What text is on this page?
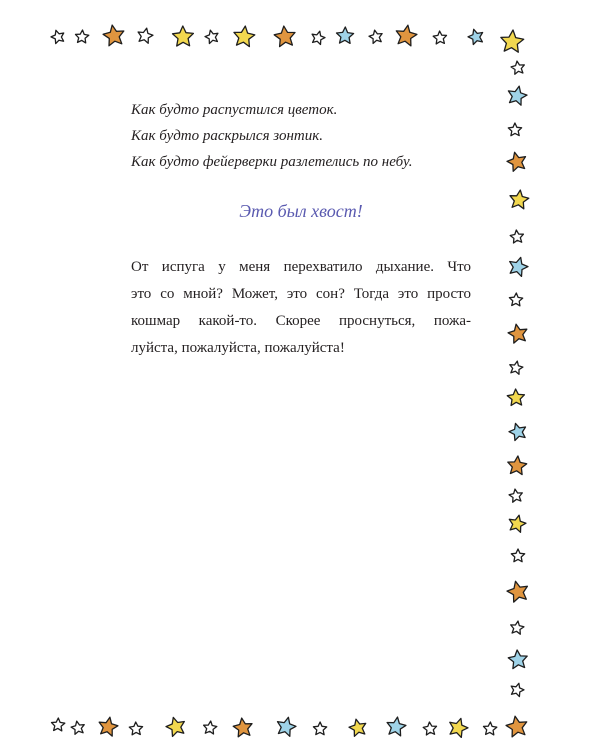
Как будто распустился цветок.
Как будто раскрылся зонтик.
Как будто фейерверки разлетелись по небу.
Это был хвост!
От испуга у меня перехватило дыхание. Что
это со мной? Может, это сон? Тогда это просто
кошмар какой-то. Скорее проснуться, пожа-
луйста, пожалуйста, пожалуйста!
